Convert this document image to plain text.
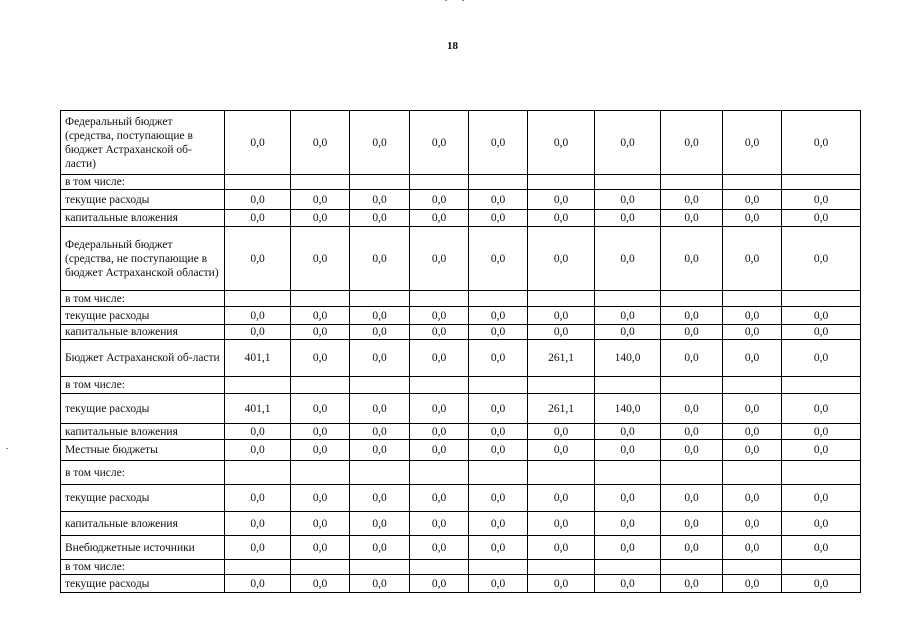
18
Федеральный бюджет (средства, поступающие в бюджет Астраханской об-ласти)	0,0	0,0	0,0	0,0	0,0	0,0	0,0	0,0	0,0	0,0
в том числе:										
текущие расходы	0,0	0,0	0,0	0,0	0,0	0,0	0,0	0,0	0,0	0,0
капитальные вложения	0,0	0,0	0,0	0,0	0,0	0,0	0,0	0,0	0,0	0,0
Федеральный бюджет (средства, не поступающие в бюджет Астраханской области)	0,0	0,0	0,0	0,0	0,0	0,0	0,0	0,0	0,0	0,0
в том числе:										
текущие расходы	0,0	0,0	0,0	0,0	0,0	0,0	0,0	0,0	0,0	0,0
капитальные вложения	0,0	0,0	0,0	0,0	0,0	0,0	0,0	0,0	0,0	0,0
Бюджет Астраханской об-ласти	401,1	0,0	0,0	0,0	0,0	261,1	140,0	0,0	0,0	0,0
в том числе:										
текущие расходы	401,1	0,0	0,0	0,0	0,0	261,1	140,0	0,0	0,0	0,0
капитальные вложения	0,0	0,0	0,0	0,0	0,0	0,0	0,0	0,0	0,0	0,0
Местные бюджеты	0,0	0,0	0,0	0,0	0,0	0,0	0,0	0,0	0,0	0,0
в том числе:										
текущие расходы	0,0	0,0	0,0	0,0	0,0	0,0	0,0	0,0	0,0	0,0
капитальные вложения	0,0	0,0	0,0	0,0	0,0	0,0	0,0	0,0	0,0	0,0
Внебюджетные источники	0,0	0,0	0,0	0,0	0,0	0,0	0,0	0,0	0,0	0,0
в том числе:										
текущие расходы	0,0	0,0	0,0	0,0	0,0	0,0	0,0	0,0	0,0	0,0
